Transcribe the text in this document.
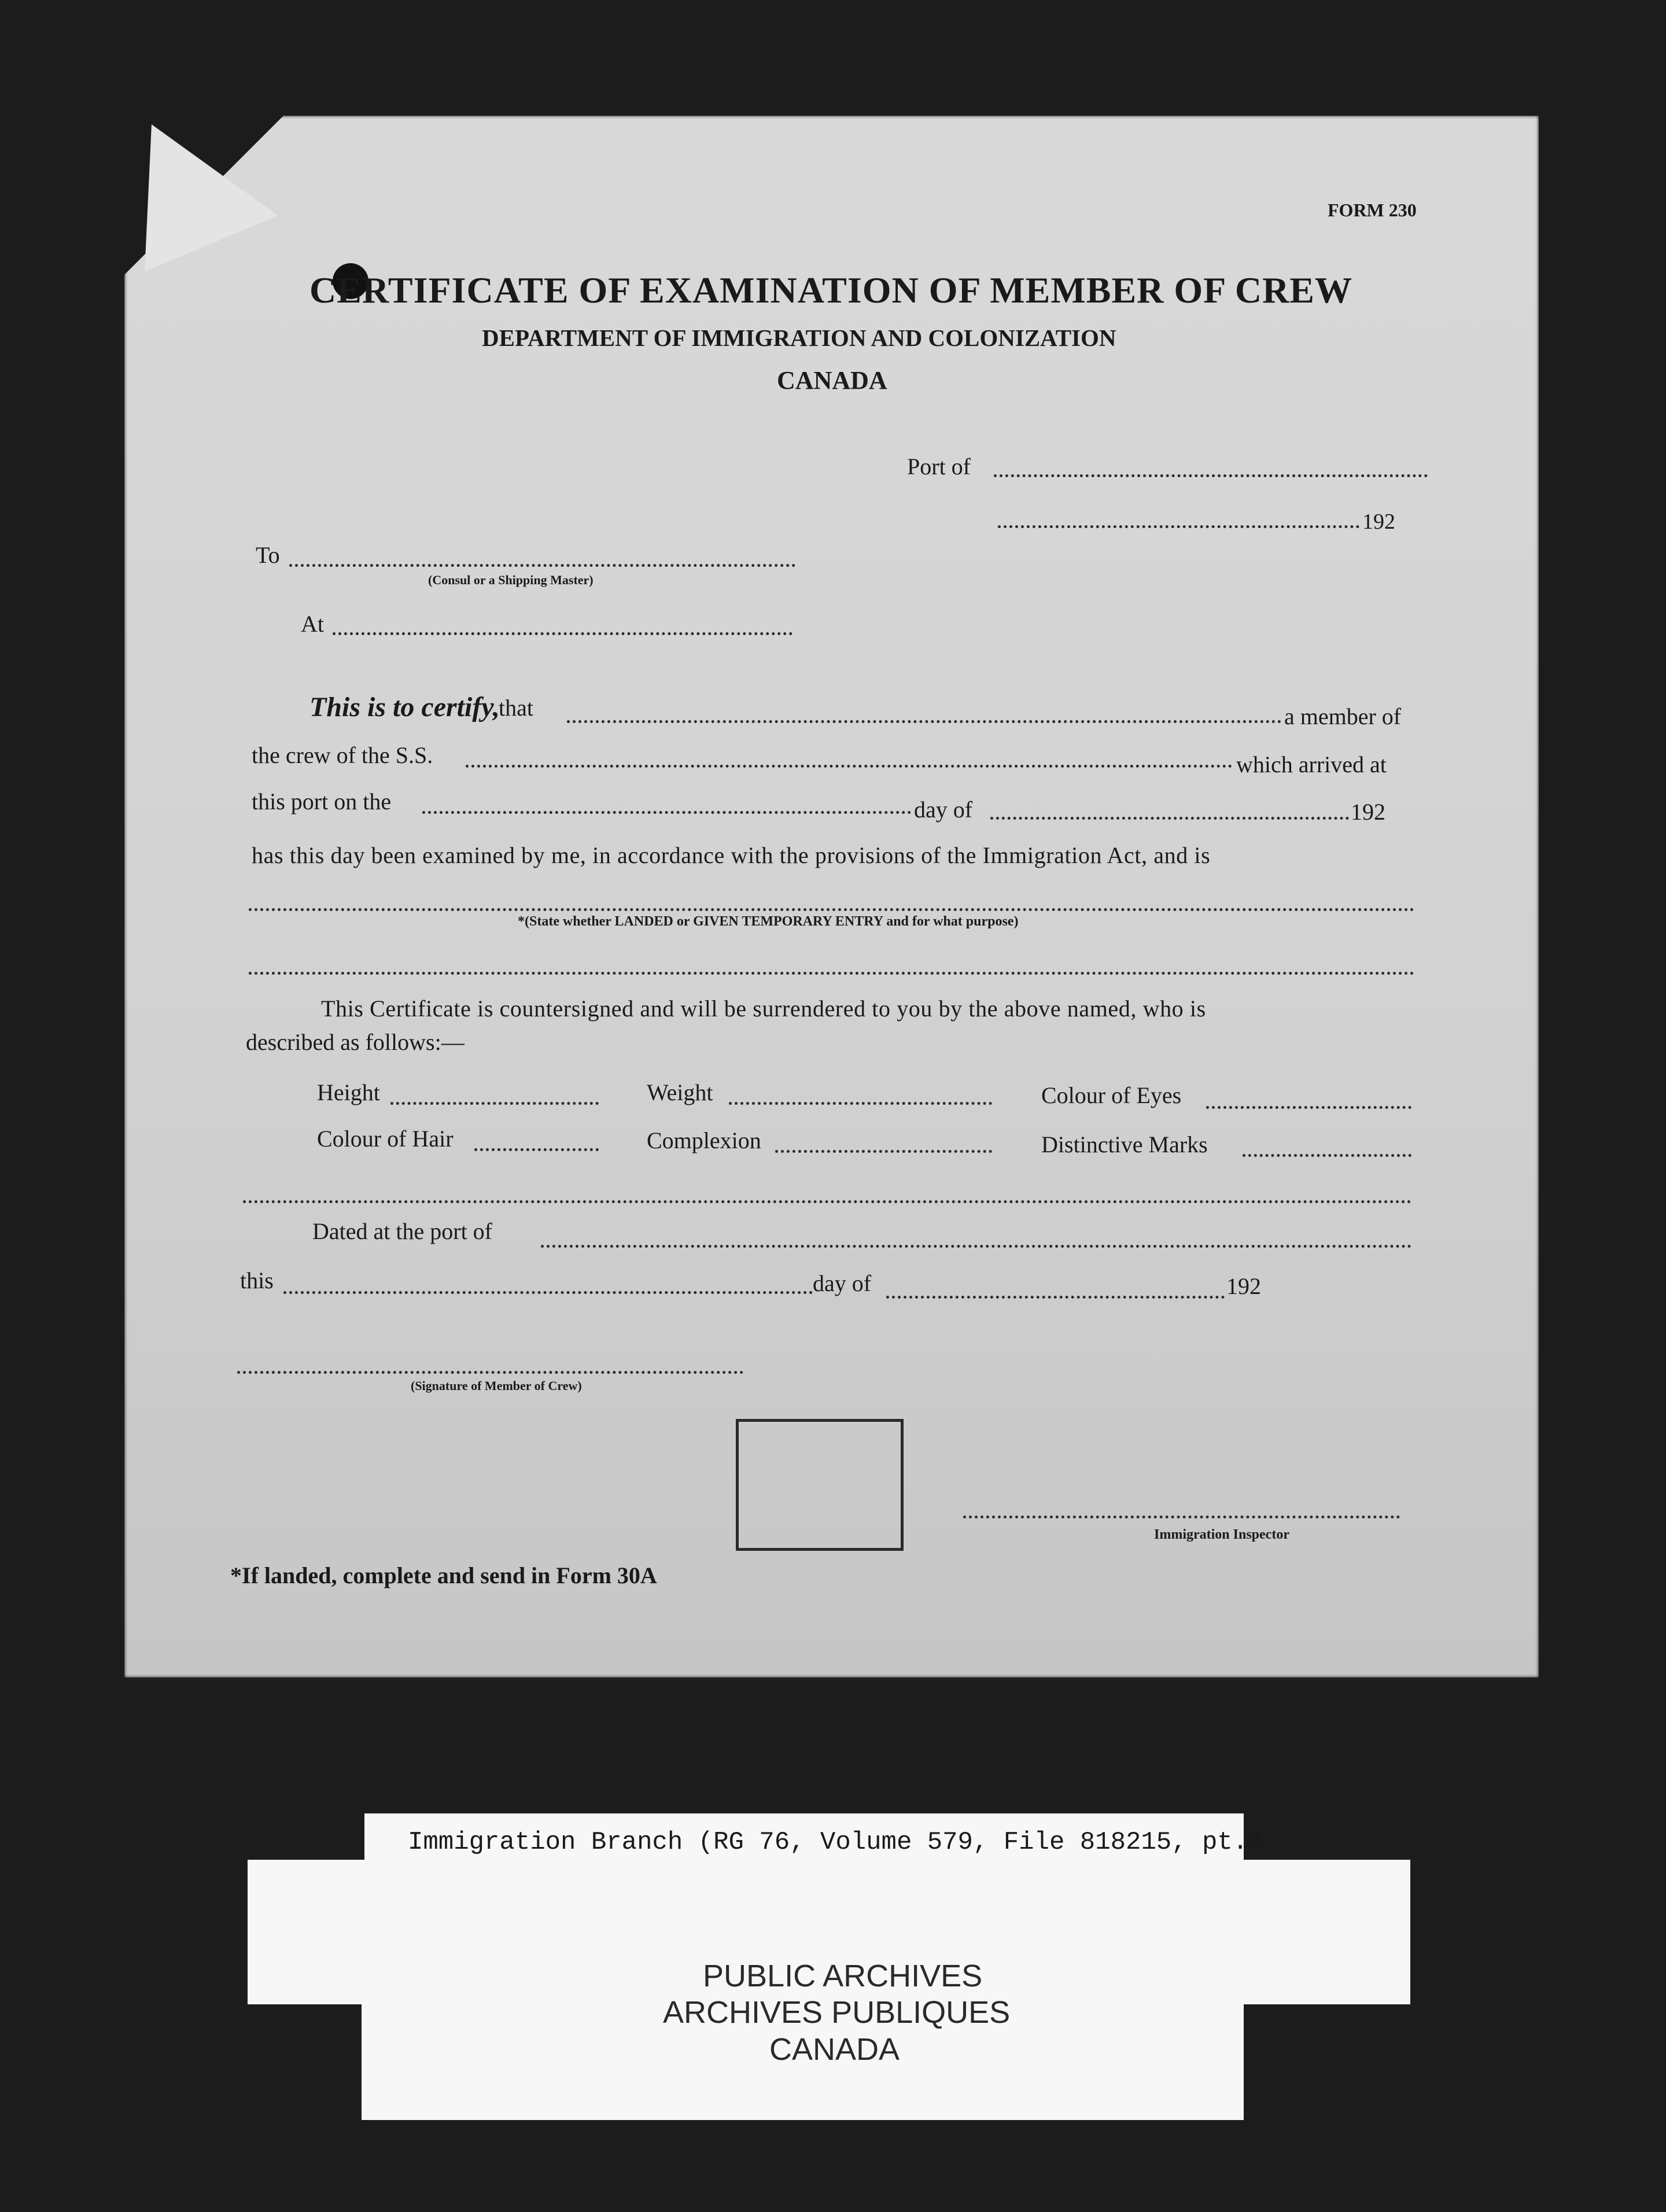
FORM 230
CERTIFICATE OF EXAMINATION OF MEMBER OF CREW
DEPARTMENT OF IMMIGRATION AND COLONIZATION
CANADA
Port of
192
To
(Consul or a Shipping Master)
At
This is to certify,
that	a member of
the crew of the S.S.	which arrived at
this port on the	day of	192
has this day been examined by me, in accordance with the provisions of the Immigration Act, and is
*(State whether LANDED or GIVEN TEMPORARY ENTRY and for what purpose)
This Certificate is countersigned and will be surrendered to you by the above named, who is
described as follows:—
Height	Weight	Colour of Eyes
Colour of Hair	Complexion	Distinctive Marks
Dated at the port of
this	day of	192
(Signature of Member of Crew)
Immigration Inspector
*If landed, complete and send in Form 30A
Immigration Branch (RG 76, Volume 579, File 818215, pt.4
PUBLIC ARCHIVES
ARCHIVES PUBLIQUES
CANADA
